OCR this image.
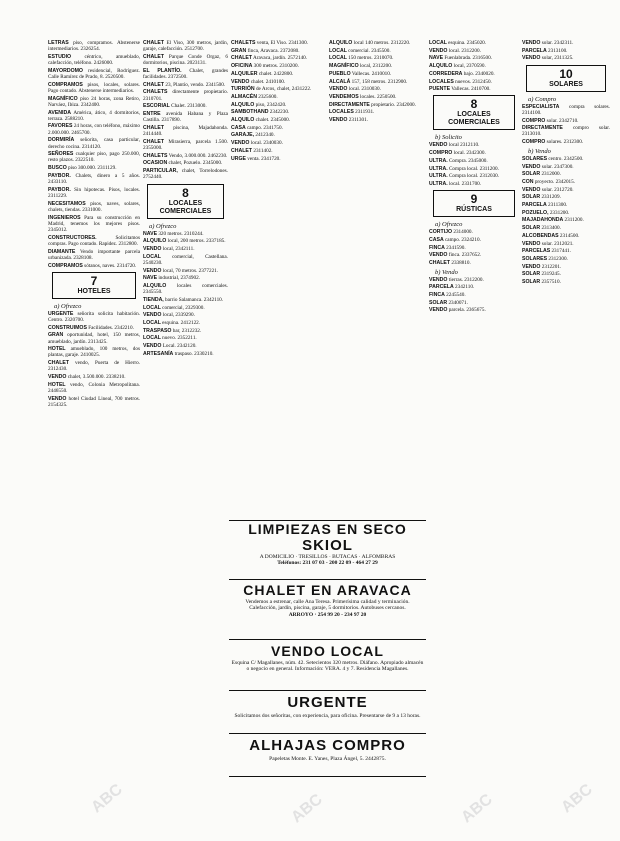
LETRAS piso, compramos. Abstenerse intermediarios. 2326254.

ESTUDIO céntrico, amueblado, calefacción, teléfono. 2426000.

MAYORDOMO residencial, Rodríguez. Calle Ramírez de Prado, 8. 2520500.

COMPRAMOS pisos, locales, solares. Pago contado. Abstenerse intermediarios.

MAGNÍFICO piso 24 horas, zona Retiro, Narváez, Ibiza. 2342400.

AVENIDA América, ático, 4 dormitorios, terraza. 2588210.

FAVORES 24 horas, con teléfono, máximo 2.000.000. 2465700.

DORMIRÍA señorita, casa particular, derecho cocina. 2314120.

SEÑORES cualquier piso, pago 250.000, resto plazos. 2322510.

BUSCO piso 300.000. 2311129.

PAYBOR. Chalets, dinero a 5 años. 2433110.

PAYBOR. Sin hipotecas. Pisos, locales. 2311229.

NECESITAMOS pisos, naves, solares, chalets, tiendas. 2331000.

INGENIEROS Para su construcción en Madrid, tenemos los mejores pisos. 2345012.

CONSTRUCTORES. Solicitamos compras. Pago contado. Rapidez. 2312800.

DIAMANTE Vendo importante parcela urbanizada. 2328108.

COMPRAMOS sótanos, naves. 2314720.

7
HOTELES
a) Ofrezco

URGENTE señorita solicita habitación. Centro. 2320700.

CONSTRUIMOS Facilidades. 2342210.

GRAN oportunidad, hotel, 150 metros, amueblado, jardín. 2313425.

HOTEL amueblado, 100 metros, dos plantas, garaje. 2410025.

CHALET vendo, Puerta de Hierro. 2312430.

VENDO chalet, 3.500.000. 2338210.

HOTEL vendo, Colonia Metropolitana. 2446550.

VENDO hotel Ciudad Lineal, 700 metros. 2154325.

CHALET El Viso, 300 metros, jardín, garaje, calefacción. 2512700.

CHALET Parque Conde Orgaz, 6 dormitorios, piscina. 2023131.

EL PLANTÍO. Chalet, grandes facilidades. 2372500.

CHALET 23, Plantío, vendo. 2341500.

CHALETS directamente propietario. 2310701.

ESCORIAL Chalet. 2313000.

ENTRE avenida Habana y Plaza Castilla. 2317890.

CHALET piscina, Majadahonda. 2414440.

CHALET Mirasierra, parcela 1.500. 2355000.

CHALETS Vendo, 3.000.000. 2462230.

OCASION chalet, Pozuelo. 2345000.

PARTICULAR, chalet, Torrelodones. 2752440.

8
LOCALES COMERCIALES
a) Ofrezco

NAVE 320 metros. 2310244.

ALQUILO local, 200 metros. 2337185.

VENDO local, 2342111.

LOCAL comercial, Castellana. 2540230.

VENDO local, 70 metros. 2377221.

NAVE industrial, 2374902.

ALQUILO locales comerciales. 2345550.

TIENDA, barrio Salamanca. 2342110.

LOCAL comercial, 2329300.

VENDO local, 2339290.

LOCAL esquina. 2412122.

TRASPASO bar, 2312232.

LOCAL nuevo. 2352211.

VENDO Local. 2342120.

ARTESANÍA traspaso. 2330210.

CHALETS venta, El Viso. 2341300.

GRAN finca, Aravaca. 2372080.

CHALET Aravaca, jardín. 2572140.

OFICINA 300 metros. 2310200.

ALQUILER chalet. 2422800.

VENDO chalet. 2410100.

TURRIÓN de Arcos, chalet, 2431222.

ALMACÉN 2325600.

ALQUILO piso, 2342420.

SAMBOTHAND 2342230.

ALQUILO chalet. 2345000.

CASA campo. 2341750.

GARAJE, 2412340.

VENDO local. 2340030.

CHALET 2311402.

URGE venta. 2341720.

ALQUILO local 140 metros. 2312220.

LOCAL comercial. 2345500.

LOCAL 150 metros. 2310070.

MAGNÍFICO local, 2312200.

PUEBLO Vallecas. 2410010.

ALCALÁ 157, 158 metros. 2312900.

VENDO local. 2310030.

VENDEMOS locales. 2250500.

DIRECTAMENTE propietario. 2342000.

LOCALES 2311931.

VENDO 2311301.

LOCAL esquina. 2345020.

VENDO local. 2312200.

NAVE Fuenlabrada. 2316500.

ALQUILO local, 2370590.

CORREDERA bajo. 2340020.

LOCALES nuevos. 2312450.

PUENTE Vallecas. 2410700.

8
LOCALES COMERCIALES
b) Solicito

VENDO local 2312110.

COMPRO local. 2342300.

ULTRA. Compra. 2345000.

ULTRA. Compra local. 2311200.

ULTRA. Compra local. 2312030.

ULTRA. local. 2331700.

9
RÚSTICAS
a) Ofrezco

CORTIJO 2314000.

CASA campo. 2324210.

FINCA 2341590.

VENDO finca. 2337652.

CHALET 2338810.

b) Vendo

VENDO tierras. 2312200.

PARCELA 2342110.

FINCA 2245540.

SOLAR 2340071.

VENDO parcela. 2365675.

VENDO solar. 2342311.

PARCELA 2313100.

VENDO solar, 2311325.

10
SOLARES
a) Compro

ESPECIALISTA compra solares. 2314100.

COMPRO solar. 2342710.

DIRECTAMENTE compro solar. 2313010.

COMPRO solares. 2312300.

b) Vendo

SOLARES centro. 2342500.

VENDO solar. 2347300.

SOLAR 2312000.

CON proyecto. 2342015.

VENDO solar. 2312720.

SOLAR 2331209.

PARCELA 2311300.

POZUELO, 2331200.

MAJADAHONDA 2311200.

SOLAR 2313400.

ALCOBENDAS 2314500.

VENDO solar. 2312021.

PARCELAS 2317441.

SOLARES 2312300.

VENDO 2312201.

SOLAR 2319245.

SOLAR 2357510.

LIMPIEZAS EN SECO
SKIOL
A DOMICILIO · TRESILLOS · BUTACAS · ALFOMBRAS
Teléfonos: 231 07 03 - 200 22 09 - 464 27 29
CHALET EN ARAVACA
Vendemos a estrenar, calle Ana Teresa. Primerísima calidad y terminación. Calefacción, jardín, piscina, garaje, 5 dormitorios. Autobuses cercanos.
ARROYO · 254 99 20 - 234 97 20
VENDO LOCAL
Esquina C/ Magallanes, núm. 42. Setecientos 320 metros. Diáfano. Apropiado almacén o negocio en general. Información: VERA. 4 y 7. Residencia Magallanes.
URGENTE
Solicitamos dos señoritas, con experiencia, para oficina. Presentarse de 9 a 13 horas.
ALHAJAS COMPRO
Papeletas Monte. E. Yanes, Plaza Ángel, 5. 2442875.
ABC	ABC	ABC	ABC
